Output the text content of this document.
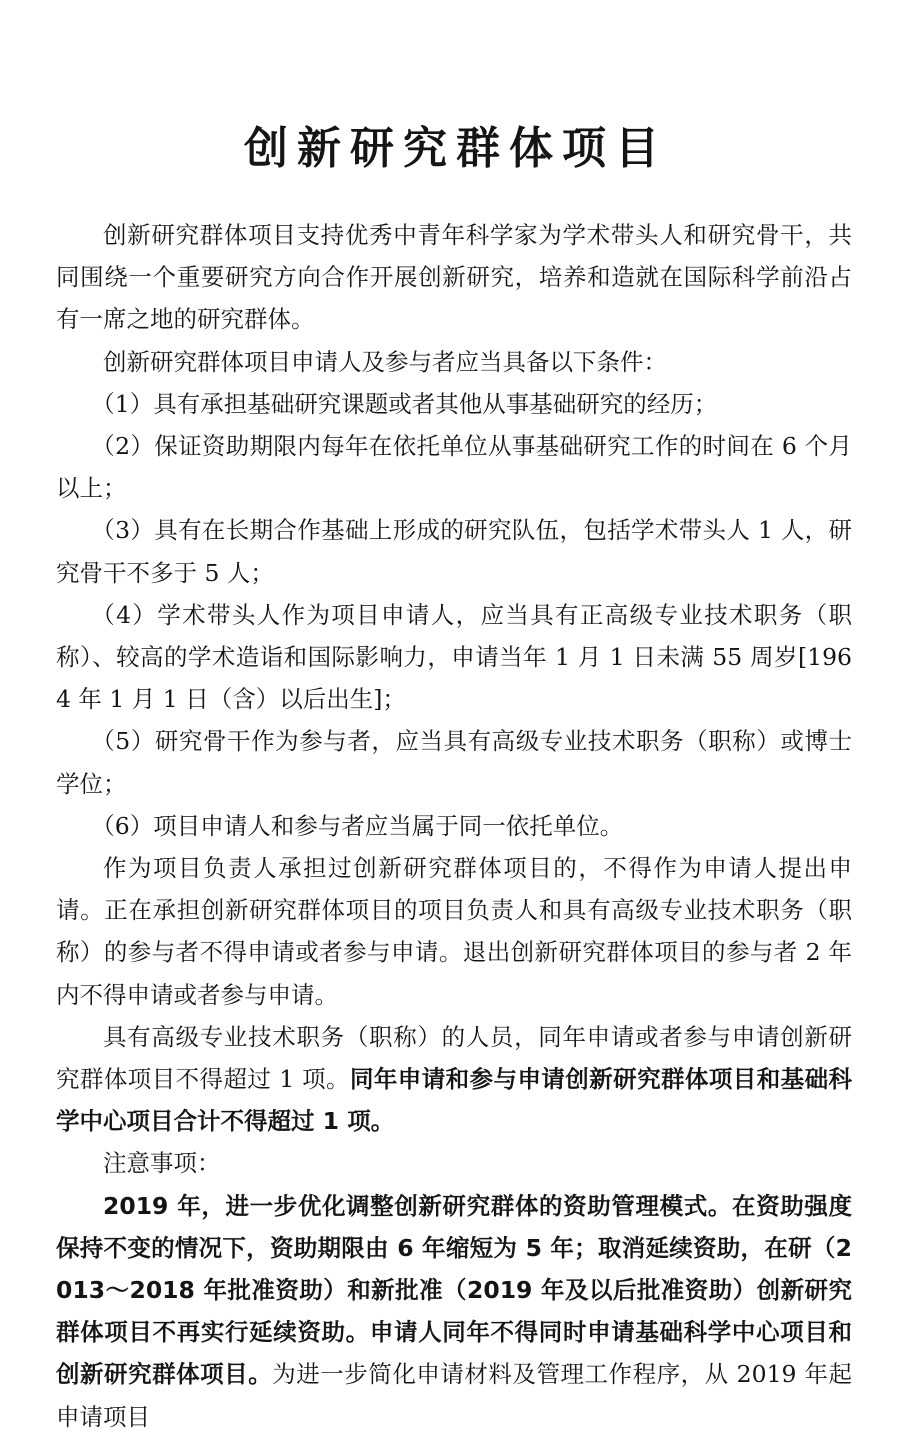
创新研究群体项目

创新研究群体项目支持优秀中青年科学家为学术带头人和研究骨干，共同围绕一个重要研究方向合作开展创新研究，培养和造就在国际科学前沿占有一席之地的研究群体。

创新研究群体项目申请人及参与者应当具备以下条件：

（1）具有承担基础研究课题或者其他从事基础研究的经历；

（2）保证资助期限内每年在依托单位从事基础研究工作的时间在 6 个月以上；

（3）具有在长期合作基础上形成的研究队伍，包括学术带头人 1 人，研究骨干不多于 5 人；

（4）学术带头人作为项目申请人，应当具有正高级专业技术职务（职称）、较高的学术造诣和国际影响力，申请当年 1 月 1 日未满 55 周岁[1964 年 1 月 1 日（含）以后出生]；

（5）研究骨干作为参与者，应当具有高级专业技术职务（职称）或博士学位；

（6）项目申请人和参与者应当属于同一依托单位。

作为项目负责人承担过创新研究群体项目的，不得作为申请人提出申请。正在承担创新研究群体项目的项目负责人和具有高级专业技术职务（职称）的参与者不得申请或者参与申请。退出创新研究群体项目的参与者 2 年内不得申请或者参与申请。

具有高级专业技术职务（职称）的人员，同年申请或者参与申请创新研究群体项目不得超过 1 项。同年申请和参与申请创新研究群体项目和基础科学中心项目合计不得超过 1 项。

注意事项：

2019 年，进一步优化调整创新研究群体的资助管理模式。在资助强度保持不变的情况下，资助期限由 6 年缩短为 5 年；取消延续资助，在研（2013～2018 年批准资助）和新批准（2019 年及以后批准资助）创新研究群体项目不再实行延续资助。申请人同年不得同时申请基础科学中心项目和创新研究群体项目。为进一步简化申请材料及管理工作程序，从 2019 年起申请项目
